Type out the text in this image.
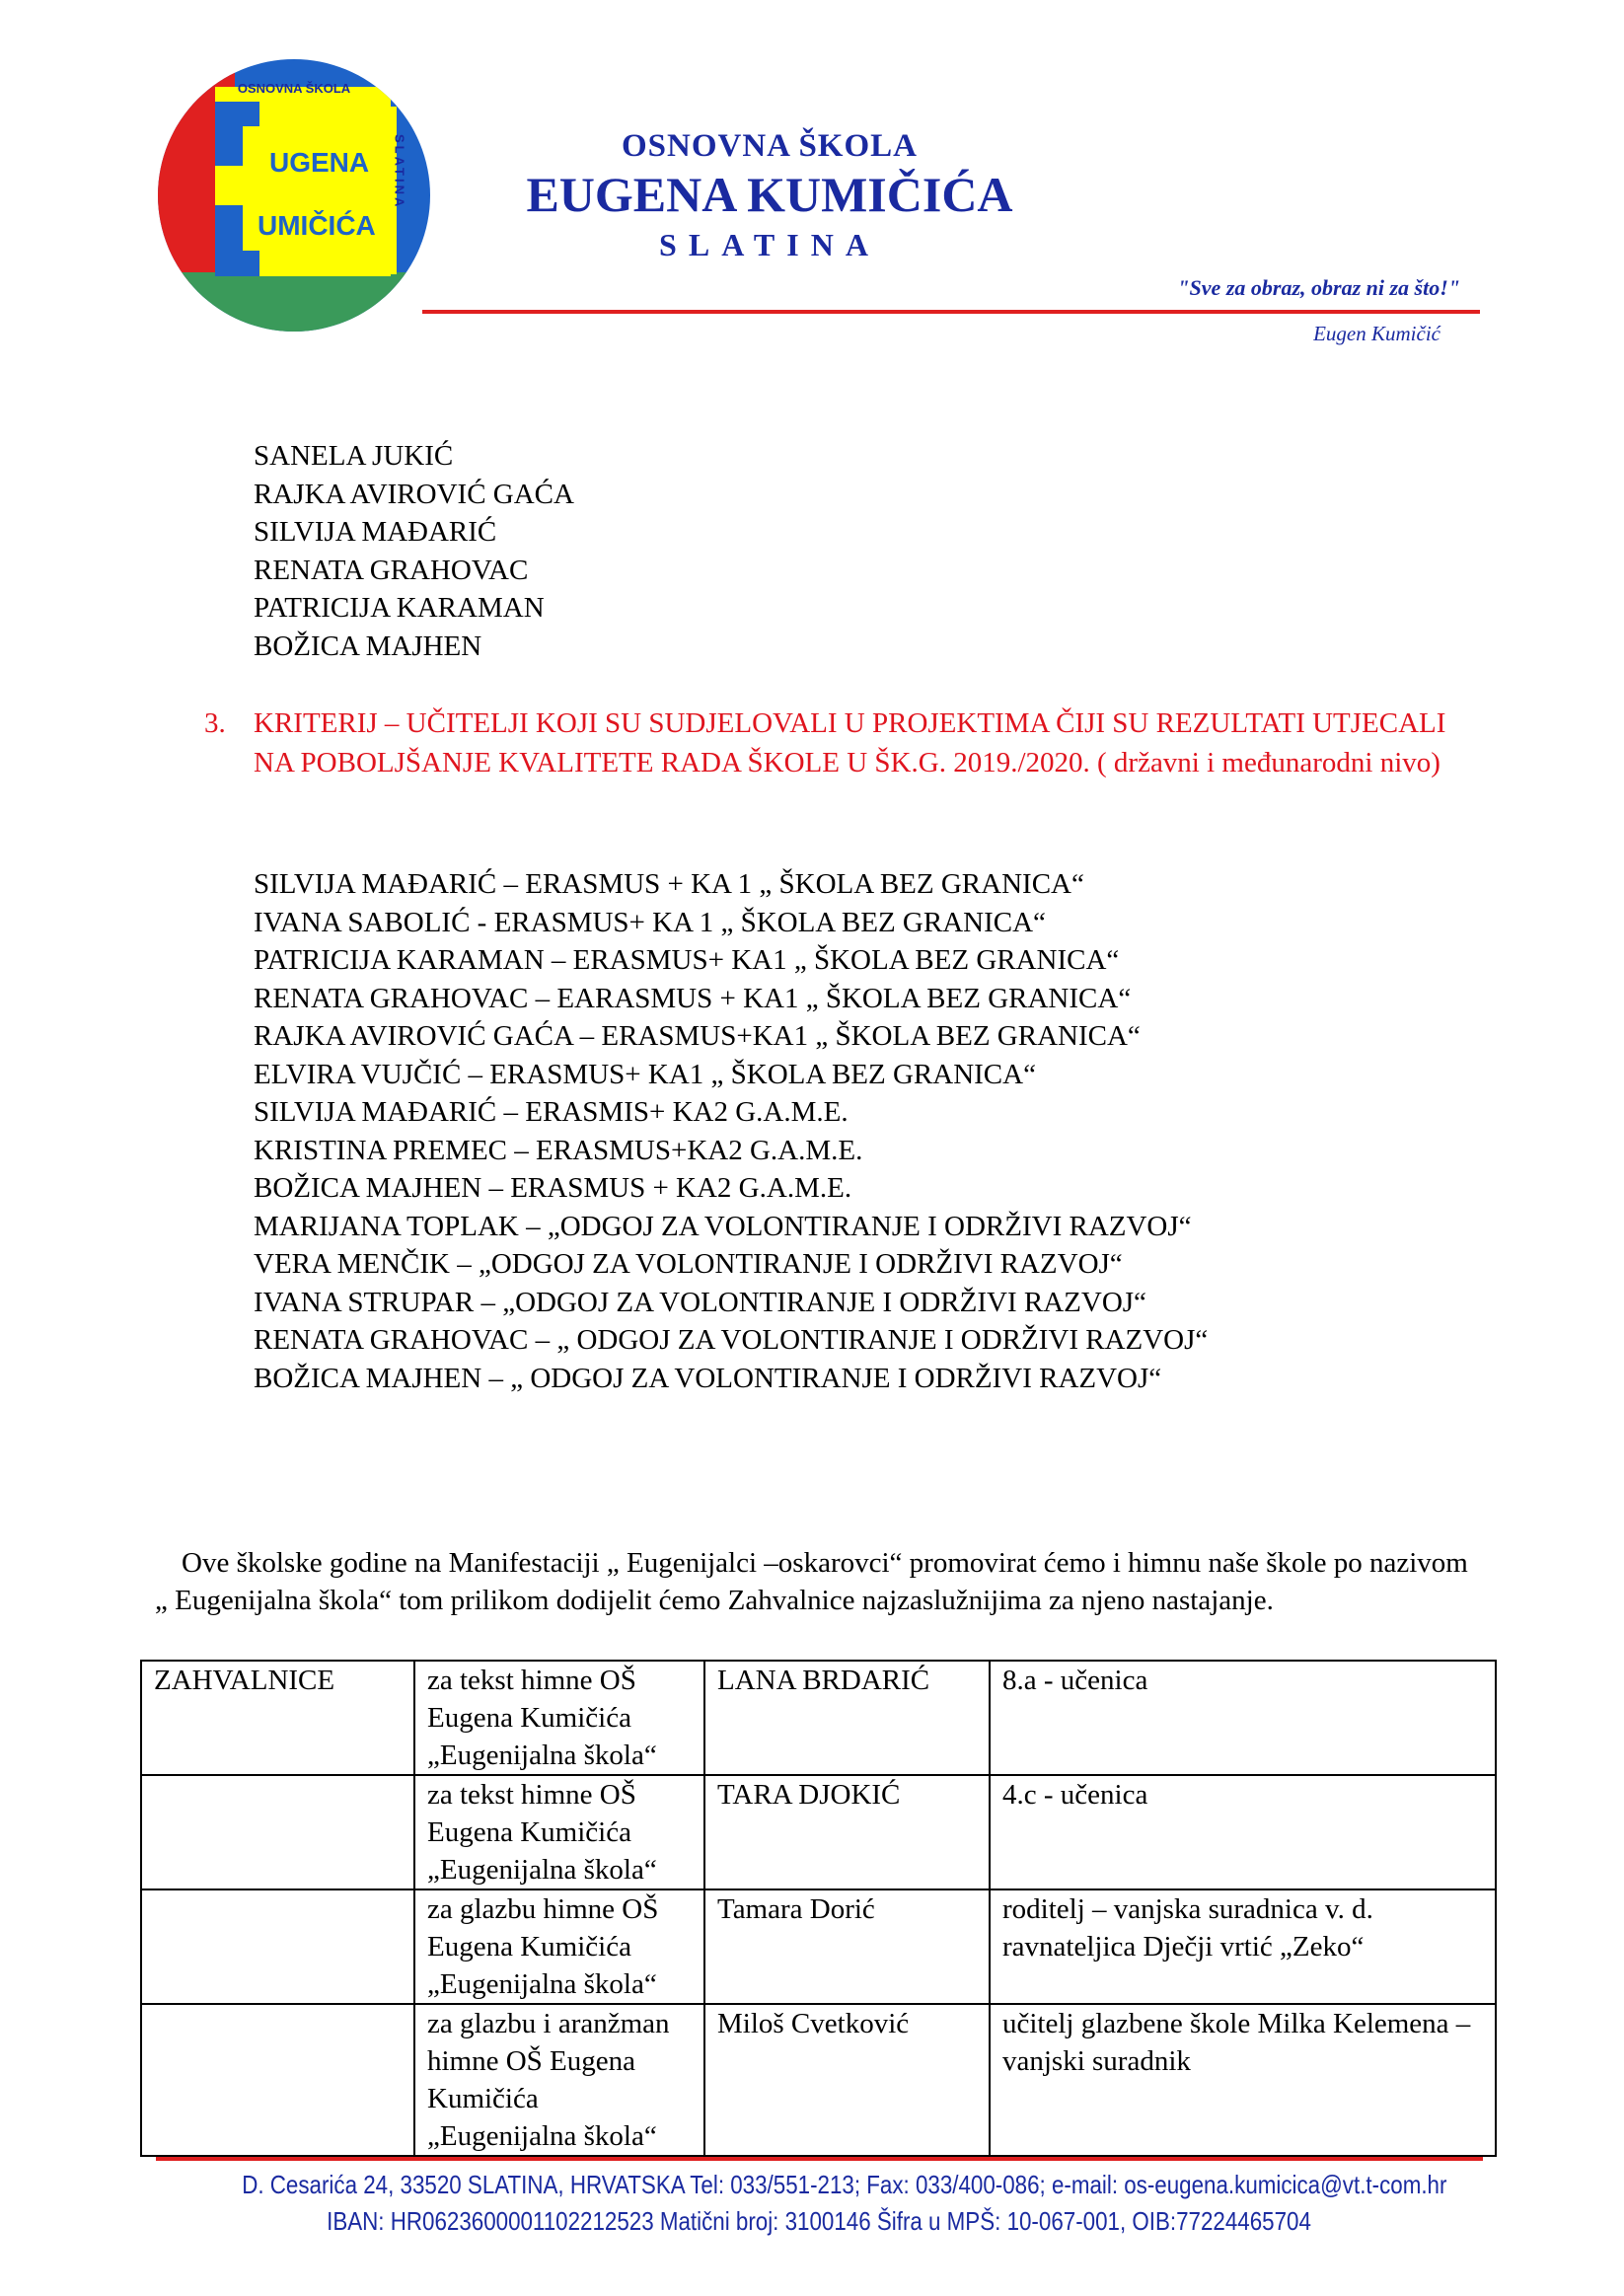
OSNOVNA ŠKOLA
UGENA
UMIČIĆA
SLATINA	OSNOVNA ŠKOLA
EUGENA KUMIČIĆA
SLATINA
"Sve za obraz, obraz ni za što!"
Eugen Kumičić
SANELA JUKIĆ
RAJKA AVIROVIĆ GAĆA
SILVIJA MAĐARIĆ
RENATA GRAHOVAC
PATRICIJA KARAMAN
BOŽICA MAJHEN
3. KRITERIJ – UČITELJI KOJI SU SUDJELOVALI U PROJEKTIMA ČIJI SU REZULTATI UTJECALI NA POBOLJŠANJE KVALITETE RADA ŠKOLE U ŠK.G. 2019./2020. ( državni i međunarodni nivo)
SILVIJA MAĐARIĆ – ERASMUS + KA 1 „ ŠKOLA BEZ GRANICA“
IVANA SABOLIĆ - ERASMUS+ KA 1 „ ŠKOLA BEZ GRANICA“
PATRICIJA KARAMAN – ERASMUS+ KA1 „ ŠKOLA BEZ GRANICA“
RENATA GRAHOVAC – EARASMUS + KA1 „ ŠKOLA BEZ GRANICA“
RAJKA AVIROVIĆ GAĆA – ERASMUS+KA1 „ ŠKOLA BEZ GRANICA“
ELVIRA VUJČIĆ – ERASMUS+ KA1 „ ŠKOLA BEZ GRANICA“
SILVIJA MAĐARIĆ – ERASMIS+ KA2 G.A.M.E.
KRISTINA PREMEC – ERASMUS+KA2 G.A.M.E.
BOŽICA MAJHEN – ERASMUS + KA2 G.A.M.E.
MARIJANA TOPLAK – „ODGOJ ZA VOLONTIRANJE I ODRŽIVI RAZVOJ“
VERA MENČIK – „ODGOJ ZA VOLONTIRANJE I ODRŽIVI RAZVOJ“
IVANA STRUPAR – „ODGOJ ZA VOLONTIRANJE I ODRŽIVI RAZVOJ“
RENATA GRAHOVAC – „ ODGOJ ZA VOLONTIRANJE I ODRŽIVI RAZVOJ“
BOŽICA MAJHEN – „ ODGOJ ZA VOLONTIRANJE I ODRŽIVI RAZVOJ“

Ove školske godine na Manifestaciji „ Eugenijalci –oskarovci“ promovirat ćemo i himnu naše škole po nazivom „ Eugenijalna škola“ tom prilikom dodijelit ćemo Zahvalnice najzaslužnijima za njeno nastajanje.

ZAHVALNICE	za tekst himne OŠ Eugena Kumičića „Eugenijalna škola“	LANA BRDARIĆ	8.a - učenica
	za tekst himne OŠ Eugena Kumičića „Eugenijalna škola“	TARA DJOKIĆ	4.c - učenica
	za glazbu himne OŠ Eugena Kumičića „Eugenijalna škola“	Tamara Dorić	roditelj – vanjska suradnica v. d. ravnateljica Dječji vrtić „Zeko“
	za glazbu i aranžman himne OŠ Eugena Kumičića „Eugenijalna škola“	Miloš Cvetković	učitelj glazbene škole Milka Kelemena – vanjski suradnik
D. Cesarića 24, 33520 SLATINA, HRVATSKA Tel: 033/551-213; Fax: 033/400-086; e-mail: os-eugena.kumicica@vt.t-com.hr
IBAN: HR0623600001102212523 Matični broj: 3100146 Šifra u MPŠ: 10-067-001, OIB:77224465704
